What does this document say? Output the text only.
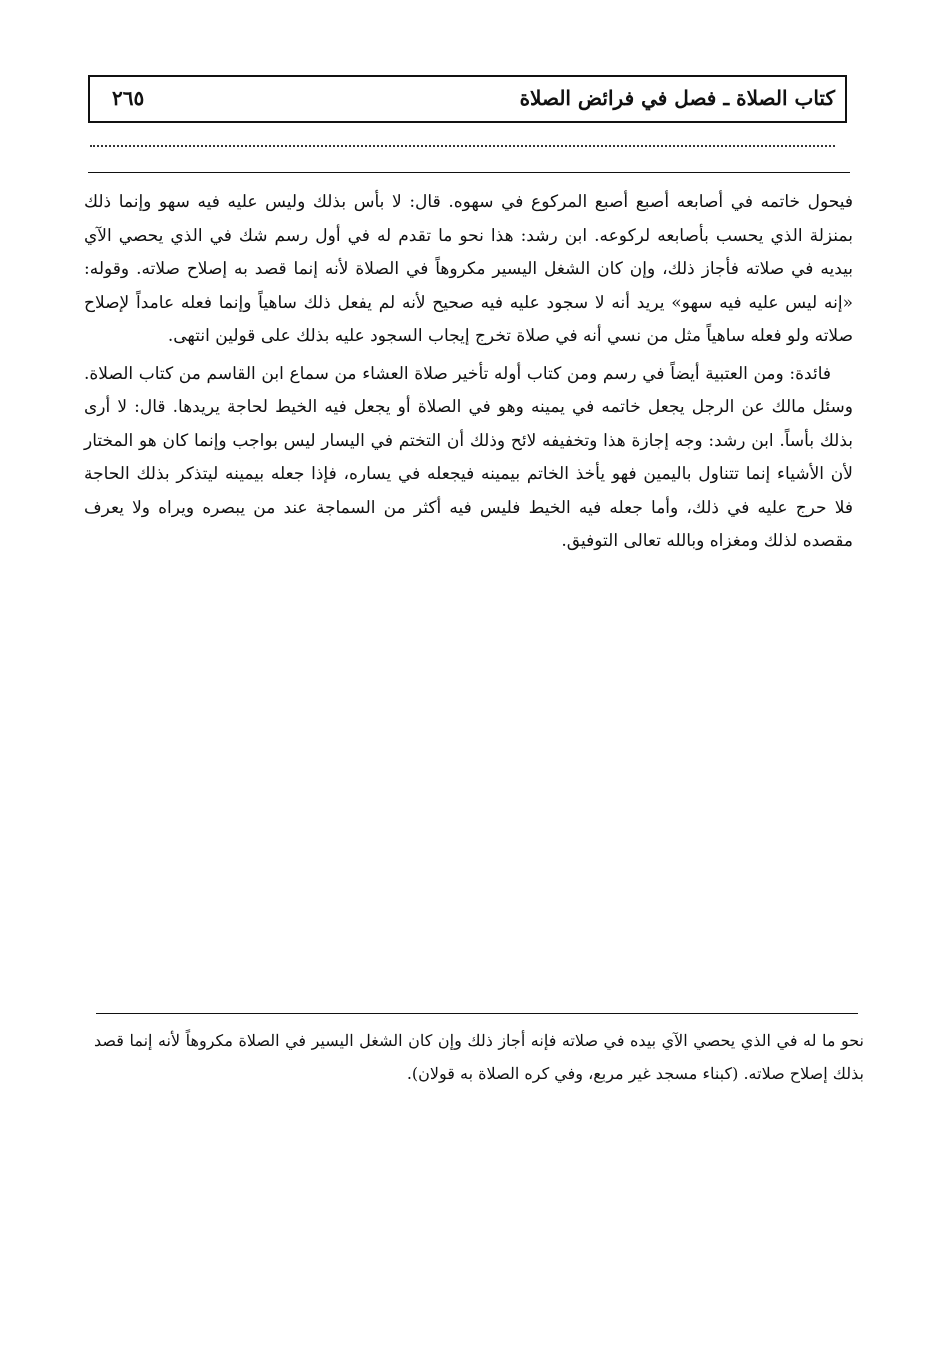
كتاب الصلاة ـ فصل في فرائض الصلاة
٢٦٥

فيحول خاتمه في أصابعه أصبع أصبع المركوع في سهوه. قال: لا بأس بذلك وليس عليه فيه سهو وإنما ذلك بمنزلة الذي يحسب بأصابعه لركوعه. ابن رشد: هذا نحو ما تقدم له في أول رسم شك في الذي يحصي الآي بيديه في صلاته فأجاز ذلك، وإن كان الشغل اليسير مكروهاً في الصلاة لأنه إنما قصد به إصلاح صلاته. وقوله: «إنه ليس عليه فيه سهو» يريد أنه لا سجود عليه فيه صحيح لأنه لم يفعل ذلك ساهياً وإنما فعله عامداً لإصلاح صلاته ولو فعله ساهياً مثل من نسي أنه في صلاة تخرج إيجاب السجود عليه بذلك على قولين انتهى.

فائدة: ومن العتبية أيضاً في رسم ومن كتاب أوله تأخير صلاة العشاء من سماع ابن القاسم من كتاب الصلاة. وسئل مالك عن الرجل يجعل خاتمه في يمينه وهو في الصلاة أو يجعل فيه الخيط لحاجة يريدها. قال: لا أرى بذلك بأساً. ابن رشد: وجه إجازة هذا وتخفيفه لائح وذلك أن التختم في اليسار ليس بواجب وإنما كان هو المختار لأن الأشياء إنما تتناول باليمين فهو يأخذ الخاتم بيمينه فيجعله في يساره، فإذا جعله بيمينه ليتذكر بذلك الحاجة فلا حرج عليه في ذلك، وأما جعله فيه الخيط فليس فيه أكثر من السماجة عند من يبصره ويراه ولا يعرف مقصده لذلك ومغزاه وبالله تعالى التوفيق.

نحو ما له في الذي يحصي الآي بيده في صلاته فإنه أجاز ذلك وإن كان الشغل اليسير في الصلاة مكروهاً لأنه إنما قصد بذلك إصلاح صلاته. (كبناء مسجد غير مربع، وفي كره الصلاة به قولان).
